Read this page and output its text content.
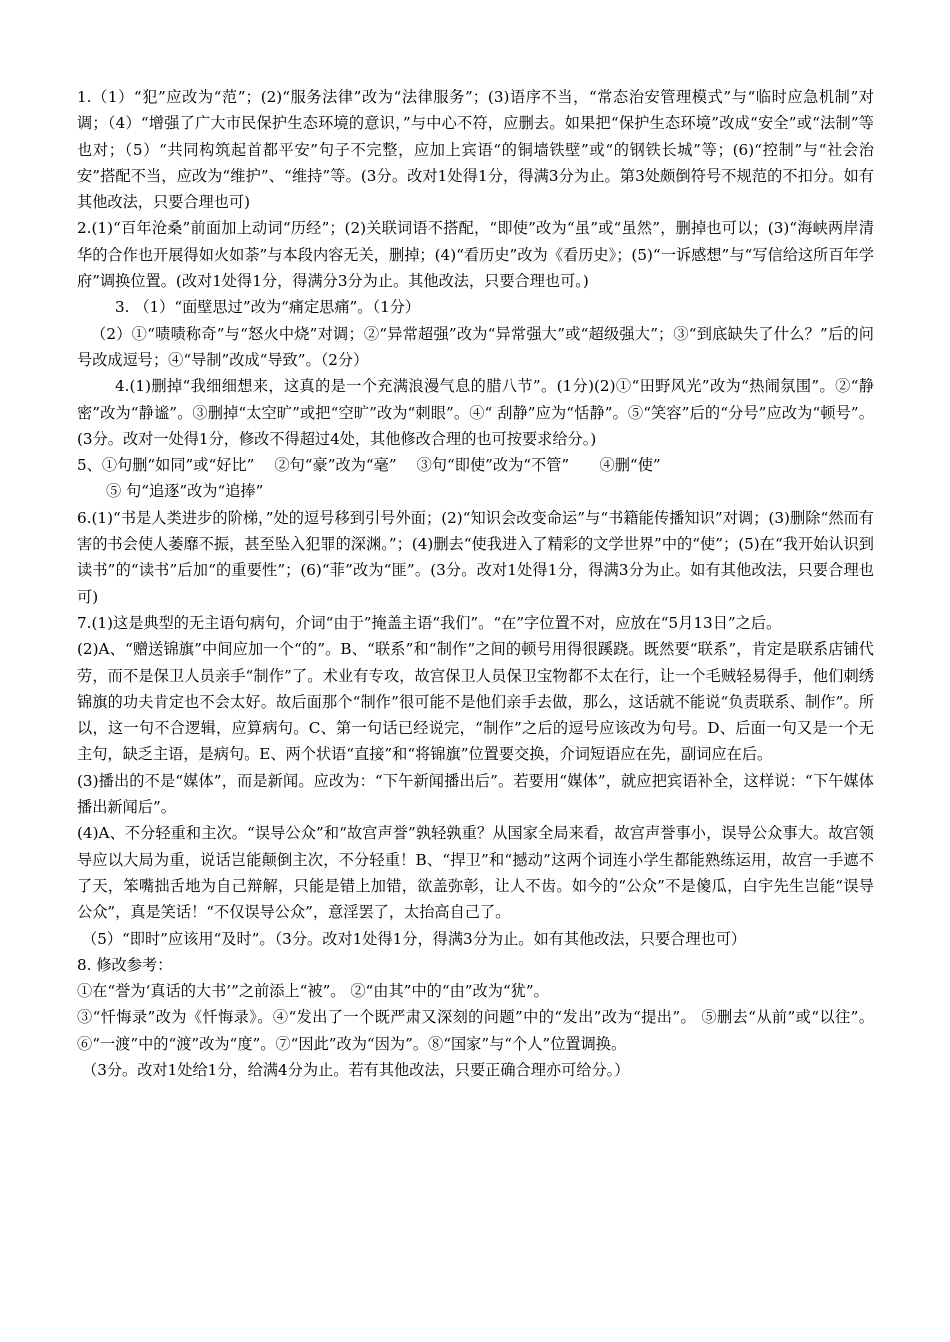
1.（1）“犯”应改为“范”；(2)“服务法律”改为“法律服务”；(3)语序不当，“常态治安管理模式”与“临时应急机制”对调；（4）“增强了广大市民保护生态环境的意识，”与中心不符，应删去。如果把“保护生态环境”改成“安全”或“法制”等也对；（5）“共同构筑起首都平安”句子不完整，应加上宾语“的铜墙铁壁”或“的钢铁长城”等；(6)“控制”与“社会治安”搭配不当，应改为“维护”、“维持”等。(3分。改对1处得1分，得满3分为止。第3处颇倒符号不规范的不扣分。如有其他改法，只要合理也可)

2.(1)“百年沧桑”前面加上动词“历经”；(2)关联词语不搭配，“即使”改为“虽”或“虽然”，删掉也可以；(3)“海峡两岸清华的合作也开展得如火如荼”与本段内容无关，删掉；(4)“看历史”改为《看历史》；(5)“一诉感想”与“写信给这所百年学府”调换位置。(改对1处得1分，得满分3分为止。其他改法，只要合理也可。)

3. （1）“面壁思过”改为“痛定思痛”。（1分）

（2）①“啧啧称奇”与“怒火中烧”对调；②“异常超强”改为“异常强大”或“超级强大”；③“到底缺失了什么？”后的问号改成逗号；④“导制”改成“导致”。（2分）

4.(1)删掉“我细细想来，这真的是一个充满浪漫气息的腊八节”。(1分)(2)①“田野风光”改为“热闹氛围”。②“静密”改为“静谧”。③删掉“太空旷”或把“空旷”改为“刺眼”。④“ 刮静”应为“恬静”。⑤“笑容”后的“分号”应改为“顿号”。(3分。改对一处得1分，修改不得超过4处，其他修改合理的也可按要求给分。)

5、①句删“如同”或“好比”　 ②句“豪”改为“毫”　 ③句“即使”改为“不管”　　④删“使”

⑤ 句“追逐”改为“追捧”

6.(1)“书是人类进步的阶梯，”处的逗号移到引号外面；(2)“知识会改变命运”与“书籍能传播知识”对调；(3)删除“然而有害的书会使人萎靡不振，甚至坠入犯罪的深渊。”；(4)删去“使我进入了精彩的文学世界”中的“使”；(5)在“我开始认识到读书”的“读书”后加“的重要性”；(6)“菲”改为“匪”。(3分。改对1处得1分，得满3分为止。如有其他改法，只要合理也可)

7.(1)这是典型的无主语句病句，介词“由于”掩盖主语“我们”。“在”字位置不对，应放在“5月13日”之后。

(2)A、“赠送锦旗”中间应加一个“的”。B、“联系”和“制作”之间的顿号用得很蹊跷。既然要“联系”，肯定是联系店铺代劳，而不是保卫人员亲手“制作”了。术业有专攻，故宫保卫人员保卫宝物都不太在行，让一个毛贼轻易得手，他们刺绣锦旗的功夫肯定也不会太好。故后面那个“制作”很可能不是他们亲手去做，那么，这话就不能说“负责联系、制作”。所以，这一句不合逻辑，应算病句。C、第一句话已经说完，“制作”之后的逗号应该改为句号。D、后面一句又是一个无主句，缺乏主语，是病句。E、两个状语“直接”和“将锦旗”位置要交换，介词短语应在先，副词应在后。

(3)播出的不是“媒体”，而是新闻。应改为：“下午新闻播出后”。若要用“媒体”，就应把宾语补全，这样说：“下午媒体播出新闻后”。

(4)A、不分轻重和主次。“误导公众”和“故宫声誉”孰轻孰重？从国家全局来看，故宫声誉事小，误导公众事大。故宫领导应以大局为重，说话岂能颠倒主次，不分轻重！B、“捍卫”和“撼动”这两个词连小学生都能熟练运用，故宫一手遮不了天，笨嘴拙舌地为自己辩解，只能是错上加错，欲盖弥彰，让人不齿。如今的“公众”不是傻瓜，白宇先生岂能“误导公众”，真是笑话！“不仅误导公众”，意淫罢了，太抬高自己了。

（5）“即时”应该用“及时”。（3分。改对1处得1分，得满3分为止。如有其他改法，只要合理也可）

8. 修改参考：

①在“誉为‘真话的大书’”之前添上“被”。 ②“由其”中的“由”改为“犹”。

③“忏悔录”改为《忏悔录》。④“发出了一个既严肃又深刻的问题”中的“发出”改为“提出”。 ⑤删去“从前”或“以往”。⑥“一渡”中的“渡”改为“度”。⑦“因此”改为“因为”。⑧“国家”与“个人”位置调换。

（3分。改对1处给1分，给满4分为止。若有其他改法，只要正确合理亦可给分。）
